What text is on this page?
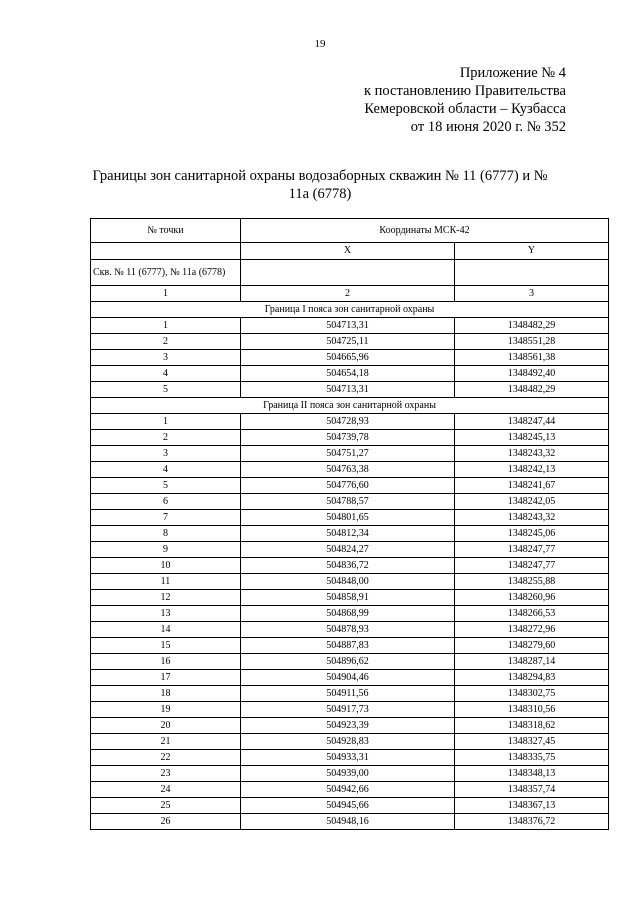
19
Приложение № 4
к постановлению Правительства
Кемеровской области – Кузбасса
от 18 июня 2020 г. № 352
Границы зон санитарной охраны водозаборных скважин № 11 (6777) и № 11а (6778)
№ точки	Координаты МСК-42	
	X	Y
Скв. № 11 (6777), № 11а (6778)		
1	2	3
Граница I пояса зон санитарной охраны		
1	504713,31	1348482,29
2	504725,11	1348551,28
3	504665,96	1348561,38
4	504654,18	1348492,40
5	504713,31	1348482,29
Граница II пояса зон санитарной охраны		
1	504728,93	1348247,44
2	504739,78	1348245,13
3	504751,27	1348243,32
4	504763,38	1348242,13
5	504776,60	1348241,67
6	504788,57	1348242,05
7	504801,65	1348243,32
8	504812,34	1348245,06
9	504824,27	1348247,77
10	504836,72	1348247,77
11	504848,00	1348255,88
12	504858,91	1348260,96
13	504868,99	1348266,53
14	504878,93	1348272,96
15	504887,83	1348279,60
16	504896,62	1348287,14
17	504904,46	1348294,83
18	504911,56	1348302,75
19	504917,73	1348310,56
20	504923,39	1348318,62
21	504928,83	1348327,45
22	504933,31	1348335,75
23	504939,00	1348348,13
24	504942,66	1348357,74
25	504945,66	1348367,13
26	504948,16	1348376,72
